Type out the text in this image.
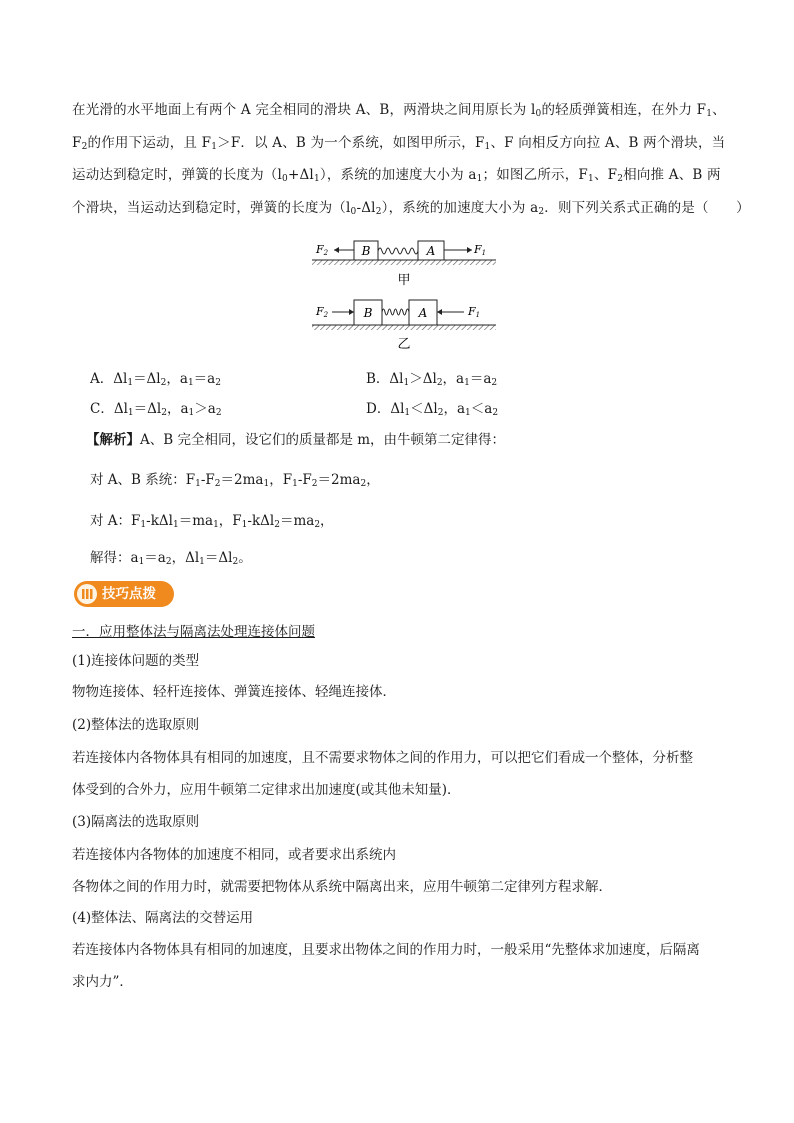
在光滑的水平地面上有两个 A 完全相同的滑块 A、B，两滑块之间用原长为 $l_0$的轻质弹簧相连，在外力 $F_1$、
$F_2$的作用下运动，且 $F_1>F$．以 A、B 为一个系统，如图甲所示，$F_1$、F 向相反方向拉 A、B 两个滑块，当
运动达到稳定时，弹簧的长度为$(l_0+\Delta l_1)$，系统的加速度大小为 $a_1$；如图乙所示，$F_1$、$F_2$相向推 A、B 两
个滑块，当运动达到稳定时，弹簧的长度为$(l_0-\Delta l_2)$，系统的加速度大小为 $a_2$．则下列关系式正确的是（　　）
B	A
F2	F1
甲
B	A
F2	F1
乙
A．$\Delta l_1=\Delta l_2$，$a_1=a_2$	B．$\Delta l_1>\Delta l_2$，$a_1=a_2$
C．$\Delta l_1=\Delta l_2$，$a_1>a_2$	D．$\Delta l_1<\Delta l_2$，$a_1<a_2$
【解析】A、B 完全相同，设它们的质量都是 m，由牛顿第二定律得：
对 A、B 系统：$F_1-F_2=2ma_1$，$F_1-F_2=2ma_2$，
对 A：$F_1-k\Delta l_1=ma_1$，$F_1-k\Delta l_2=ma_2$，
解得：$a_1=a_2$，$\Delta l_1=\Delta l_2$。
技巧点拨
一．应用整体法与隔离法处理连接体问题
(1)连接体问题的类型
物物连接体、轻杆连接体、弹簧连接体、轻绳连接体．
(2)整体法的选取原则
若连接体内各物体具有相同的加速度，且不需要求物体之间的作用力，可以把它们看成一个整体，分析整
体受到的合外力，应用牛顿第二定律求出加速度(或其他未知量)．
(3)隔离法的选取原则
若连接体内各物体的加速度不相同，或者要求出系统内
各物体之间的作用力时，就需要把物体从系统中隔离出来，应用牛顿第二定律列方程求解．
(4)整体法、隔离法的交替运用
若连接体内各物体具有相同的加速度，且要求出物体之间的作用力时，一般采用“先整体求加速度，后隔离
求内力”．
